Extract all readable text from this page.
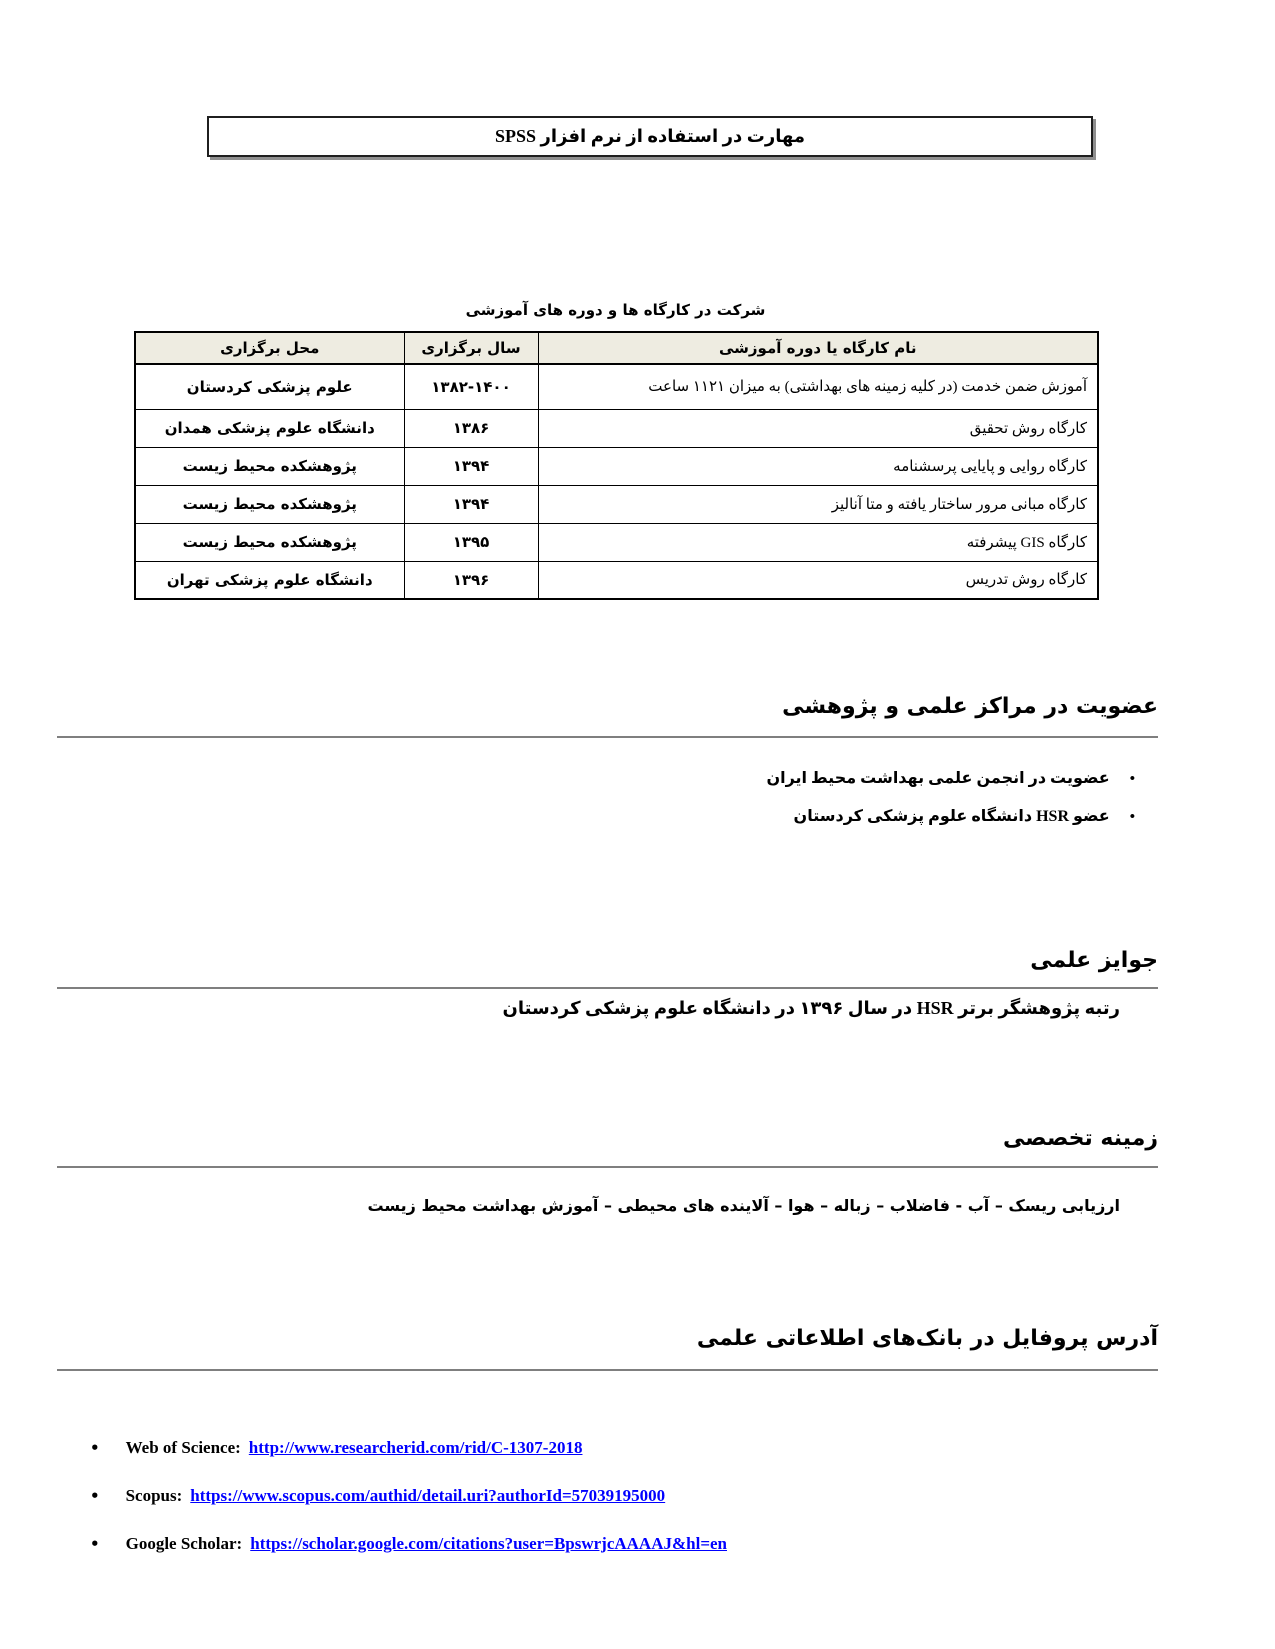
مهارت در استفاده از نرم افزار SPSS
شرکت در کارگاه ها و دوره های آموزشی
نام کارگاه یا دوره آموزشی	سال برگزاری	محل برگزاری
آموزش ضمن خدمت (در کلیه زمینه های بهداشتی) به میزان ۱۱۲۱ ساعت	۱۳۸۲-۱۴۰۰	علوم پزشکی کردستان
کارگاه روش تحقیق	۱۳۸۶	دانشگاه علوم پزشکی همدان
کارگاه روایی و پایایی پرسشنامه	۱۳۹۴	پژوهشکده محیط زیست
کارگاه مبانی مرور ساختار یافته و متا آنالیز	۱۳۹۴	پژوهشکده محیط زیست
کارگاه GIS پیشرفته	۱۳۹۵	پژوهشکده محیط زیست
کارگاه روش تدریس	۱۳۹۶	دانشگاه علوم پزشکی تهران
عضویت در مراکز علمی و پژوهشی
• عضویت در انجمن علمی بهداشت محیط ایران
• عضو HSR دانشگاه علوم پزشکی کردستان
جوایز علمی
رتبه پژوهشگر برتر HSR در سال ۱۳۹۶ در دانشگاه علوم پزشکی کردستان
زمینه تخصصی
ارزیابی ریسک – آب - فاضلاب – زباله – هوا – آلاینده های محیطی – آموزش بهداشت محیط زیست
آدرس پروفایل در بانک‌های اطلاعاتی علمی
• Web of Science: http://www.researcherid.com/rid/C-1307-2018
• Scopus: https://www.scopus.com/authid/detail.uri?authorId=57039195000
• Google Scholar: https://scholar.google.com/citations?user=BpswrjcAAAAJ&hl=en
